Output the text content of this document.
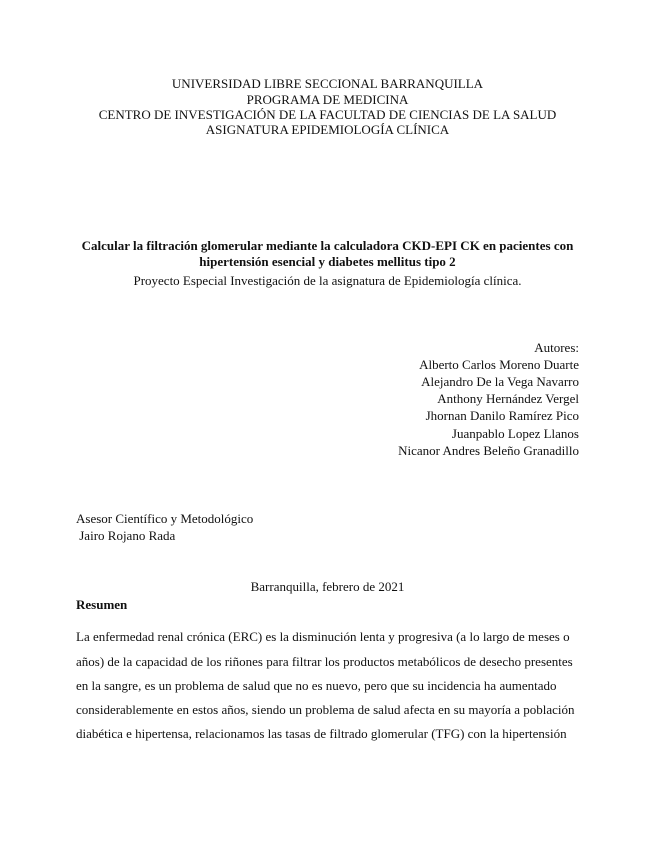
UNIVERSIDAD LIBRE SECCIONAL BARRANQUILLA
PROGRAMA DE MEDICINA
CENTRO DE INVESTIGACIÓN DE LA FACULTAD DE CIENCIAS DE LA SALUD
ASIGNATURA EPIDEMIOLOGÍA CLÍNICA
Calcular la filtración glomerular mediante la calculadora CKD-EPI CK en pacientes con
hipertensión esencial y diabetes mellitus tipo 2
Proyecto Especial Investigación de la asignatura de Epidemiología clínica.
Autores:
Alberto Carlos Moreno Duarte
Alejandro De la Vega Navarro
Anthony Hernández Vergel
Jhornan Danilo Ramírez Pico
Juanpablo Lopez Llanos
Nicanor Andres Beleño Granadillo
Asesor Científico y Metodológico
Jairo Rojano Rada
Barranquilla, febrero de 2021
Resumen
La enfermedad renal crónica (ERC) es la disminución lenta y progresiva (a lo largo de meses o
años) de la capacidad de los riñones para filtrar los productos metabólicos de desecho presentes
en la sangre, es un problema de salud que no es nuevo, pero que su incidencia ha aumentado
considerablemente en estos años, siendo un problema de salud afecta en su mayoría a población
diabética e hipertensa, relacionamos las tasas de filtrado glomerular (TFG) con la hipertensión
